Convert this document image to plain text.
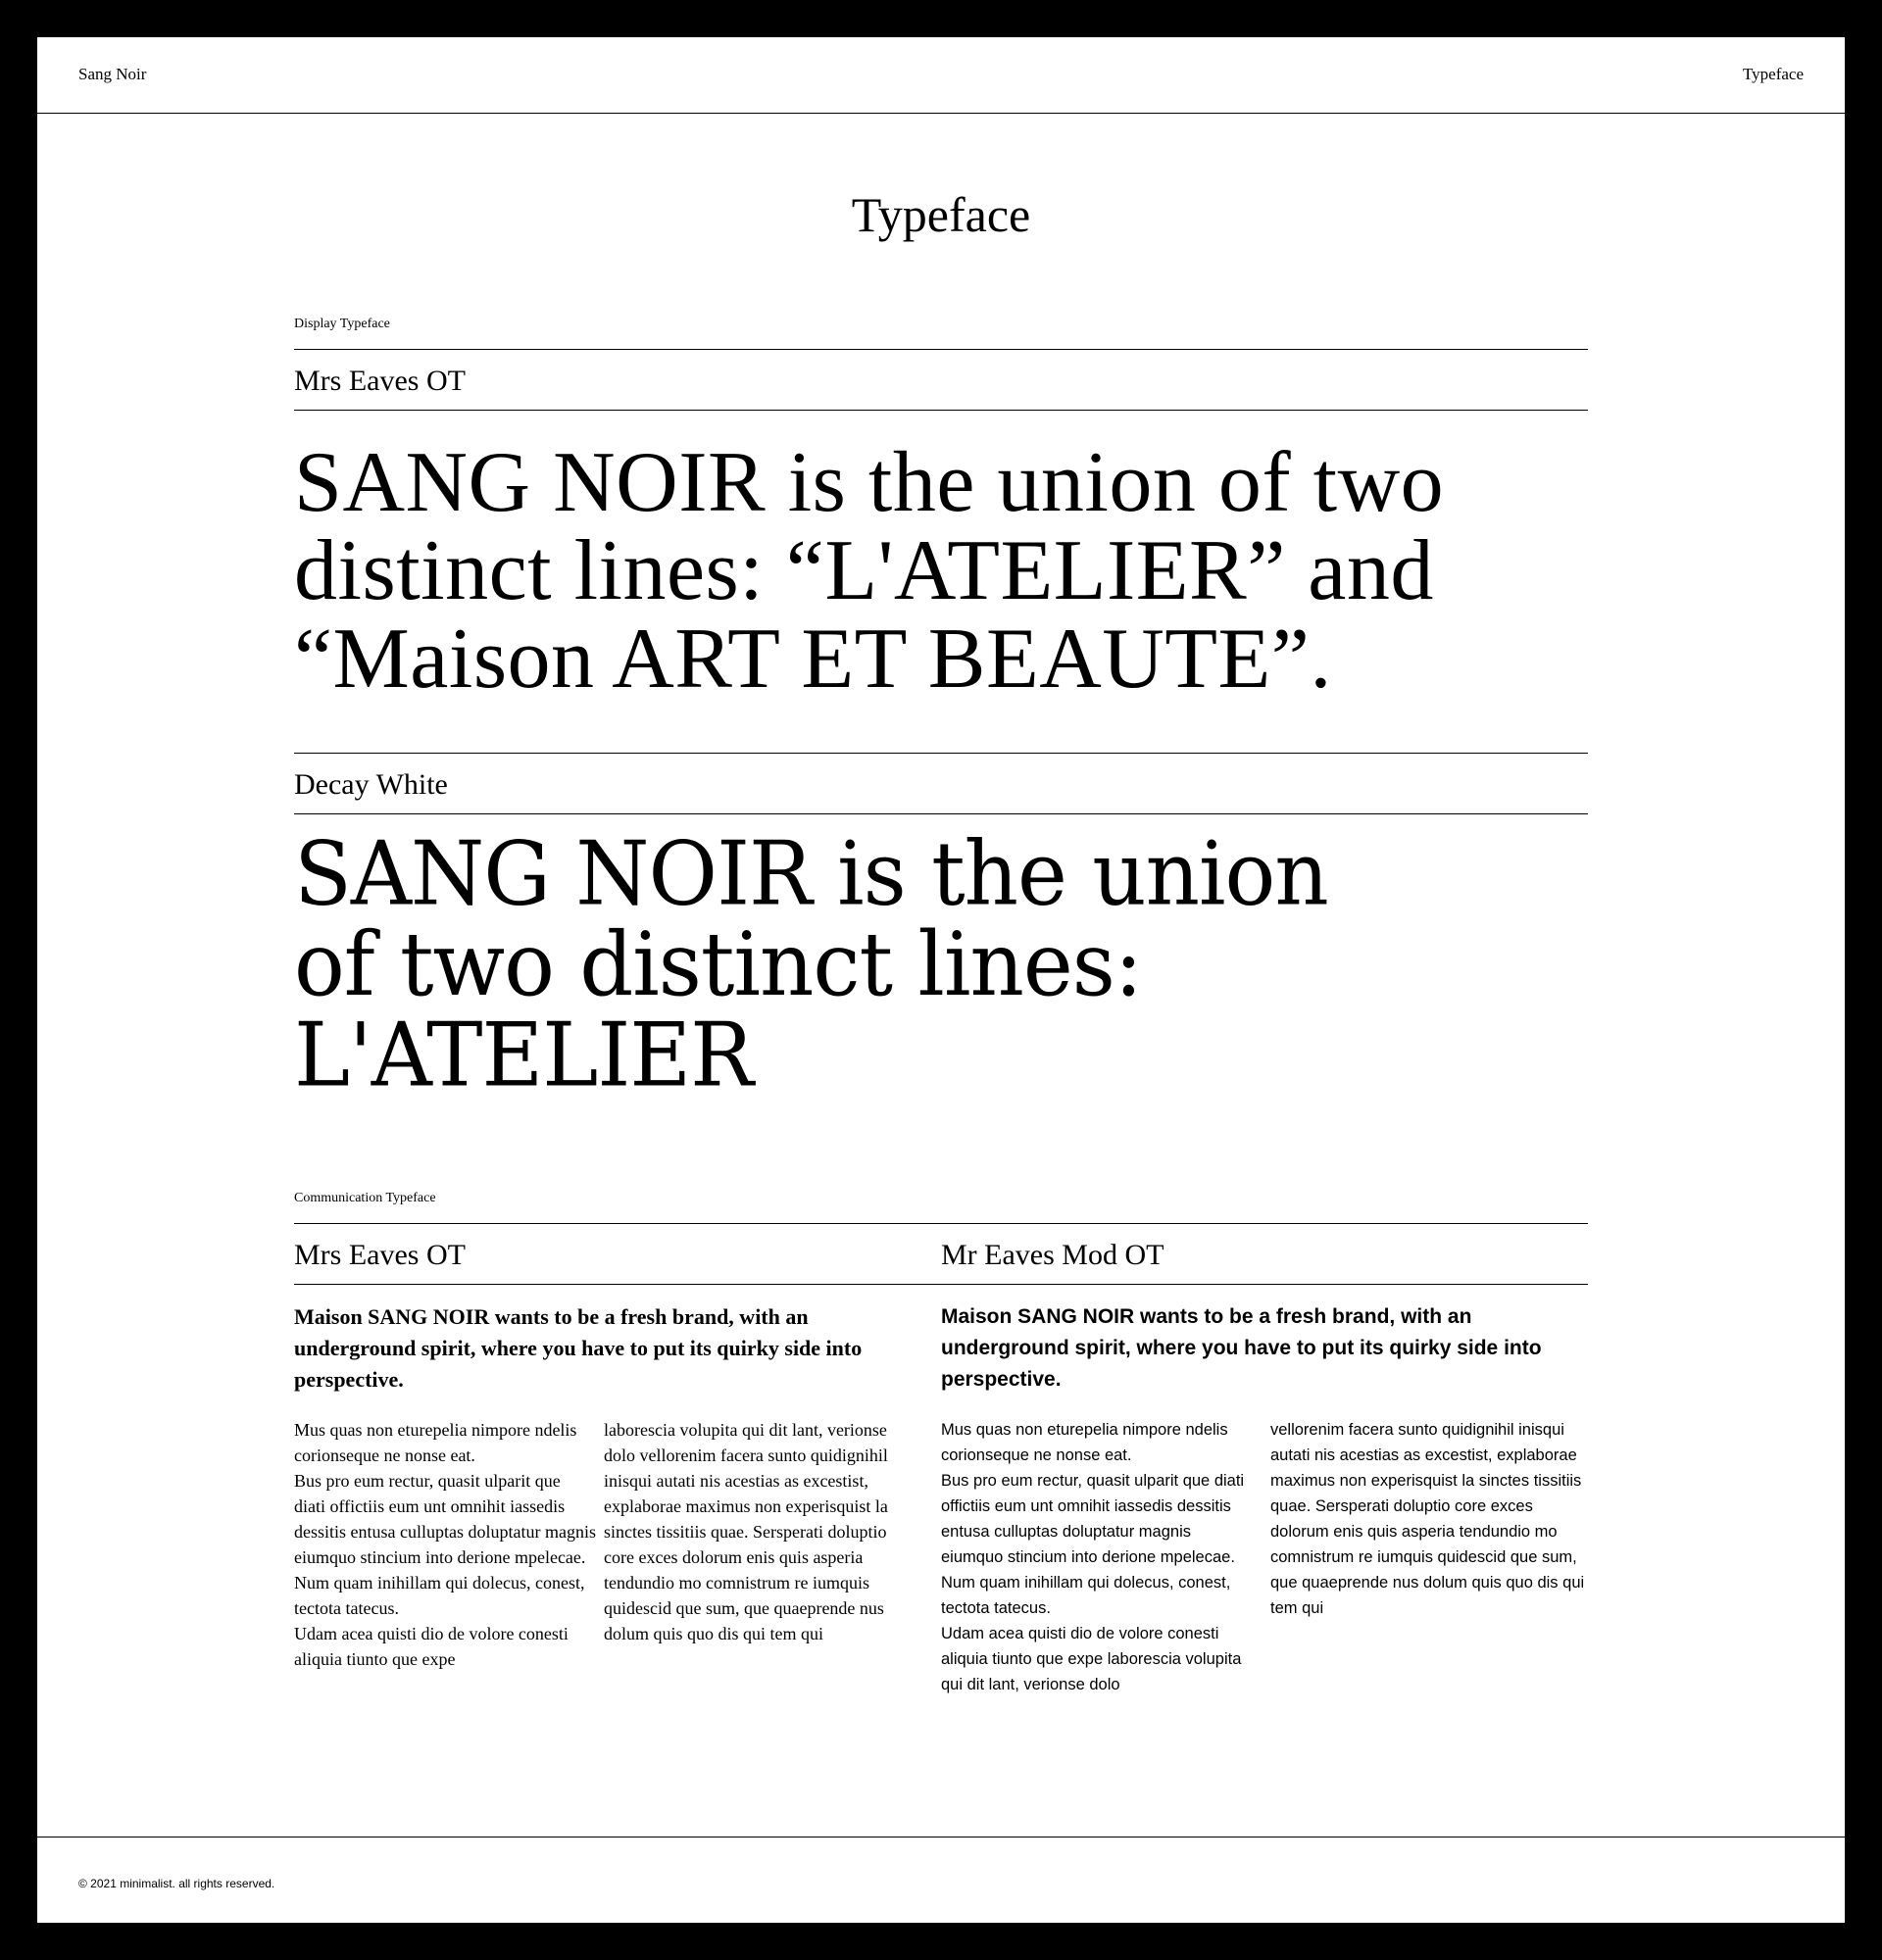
Sang Noir	Typeface
Typeface
Display Typeface
Mrs Eaves OT
SANG NOIR is the union of two
distinct lines: “L'ATELIER” and
“Maison ART ET BEAUTE”.
Decay White
SANG NOIR is the union
of two distinct lines:
L'ATELIER
Communication Typeface
Mrs Eaves OT

Maison SANG NOIR wants to be a fresh brand, with an underground spirit, where you have to put its quirky side into perspective.

Mus quas non eturepelia nimpore ndelis corionseque ne nonse eat.
Bus pro eum rectur, quasit ulparit que diati offictiis eum unt omnihit iassedis dessitis entusa culluptas doluptatur magnis eiumquo stincium into derione mpelecae.
Num quam inihillam qui dolecus, conest, tectota tatecus.
Udam acea quisti dio de volore conesti aliquia tiunto que expe

laborescia volupita qui dit lant, verionse dolo vellorenim facera sunto quidignihil inisqui autati nis acestias as excestist, explaborae maximus non experisquist la sinctes tissitiis quae. Sersperati doluptio core exces dolorum enis quis asperia tendundio mo comnistrum re iumquis quidescid que sum, que quaeprende nus dolum quis quo dis qui tem qui

Mr Eaves Mod OT

Maison SANG NOIR wants to be a fresh brand, with an underground spirit, where you have to put its quirky side into perspective.

Mus quas non eturepelia nimpore ndelis corionseque ne nonse eat.
Bus pro eum rectur, quasit ulparit que diati offictiis eum unt omnihit iassedis dessitis entusa culluptas doluptatur magnis eiumquo stincium into derione mpelecae. Num quam inihillam qui dolecus, conest, tectota tatecus.
Udam acea quisti dio de volore conesti aliquia tiunto que expe laborescia volupita qui dit lant, verionse dolo

vellorenim facera sunto quidignihil inisqui autati nis acestias as excestist, explaborae maximus non experisquist la sinctes tissitiis quae. Sersperati doluptio core exces dolorum enis quis asperia tendundio mo comnistrum re iumquis quidescid que sum, que quaeprende nus dolum quis quo dis qui tem qui

© 2021 minimalist. all rights reserved.
